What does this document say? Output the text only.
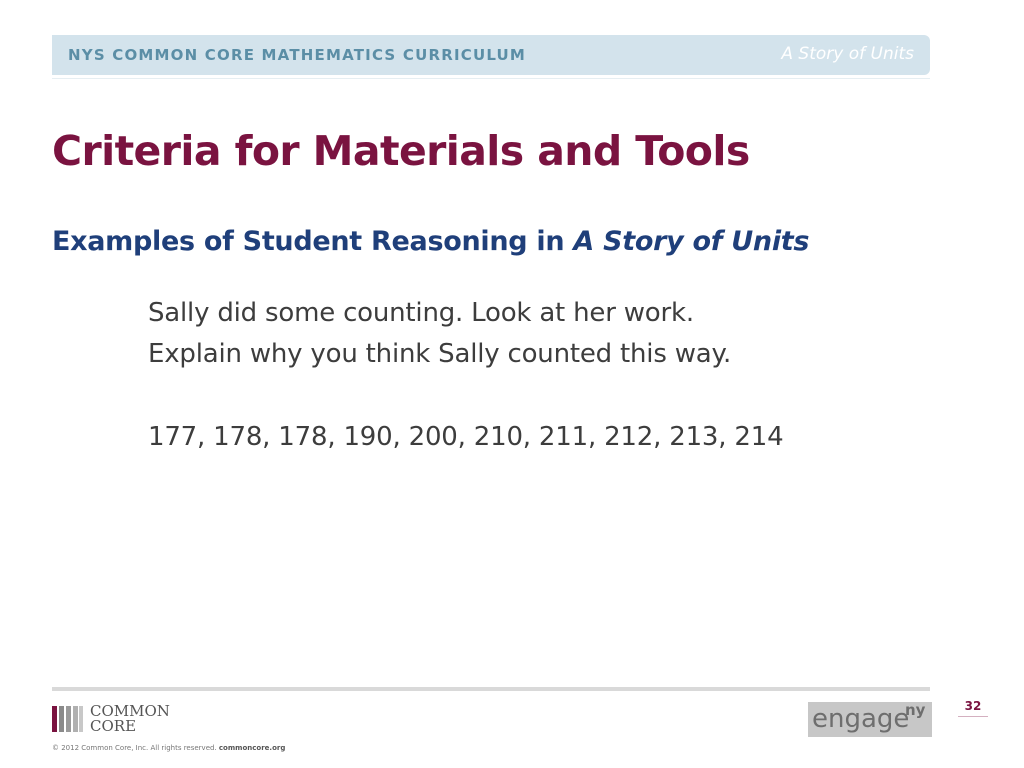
NYS COMMON CORE MATHEMATICS CURRICULUM	A Story of Units
Criteria for Materials and Tools
Examples of Student Reasoning in A Story of Units

Sally did some counting. Look at her work.

Explain why you think Sally counted this way.

177, 178, 178, 190, 200, 210, 211, 212, 213, 214

COMMON
CORE
© 2012 Common Core, Inc. All rights reserved. commoncore.org
engage
ny	32
